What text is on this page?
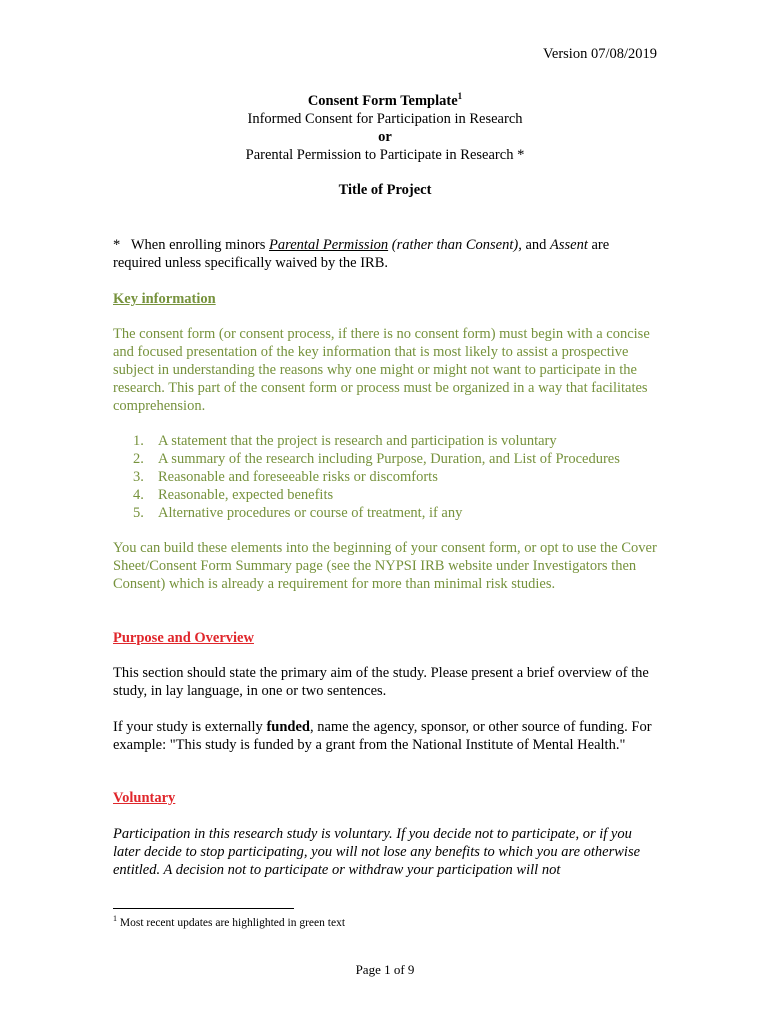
Version 07/08/2019
Consent Form Template$^1$
Informed Consent for Participation in Research
or
Parental Permission to Participate in Research *
Title of Project
* When enrolling minors Parental Permission (rather than Consent), and Assent are required unless specifically waived by the IRB.
Key information
The consent form (or consent process, if there is no consent form) must begin with a concise and focused presentation of the key information that is most likely to assist a prospective subject in understanding the reasons why one might or might not want to participate in the research. This part of the consent form or process must be organized in a way that facilitates comprehension.
1. A statement that the project is research and participation is voluntary
2. A summary of the research including Purpose, Duration, and List of Procedures
3. Reasonable and foreseeable risks or discomforts
4. Reasonable, expected benefits
5. Alternative procedures or course of treatment, if any
You can build these elements into the beginning of your consent form, or opt to use the Cover Sheet/Consent Form Summary page (see the NYPSI IRB website under Investigators then Consent) which is already a requirement for more than minimal risk studies.
Purpose and Overview
This section should state the primary aim of the study. Please present a brief overview of the study, in lay language, in one or two sentences.
If your study is externally funded, name the agency, sponsor, or other source of funding. For example: "This study is funded by a grant from the National Institute of Mental Health."
Voluntary
Participation in this research study is voluntary. If you decide not to participate, or if you later decide to stop participating, you will not lose any benefits to which you are otherwise entitled. A decision not to participate or withdraw your participation will not
$^1$ Most recent updates are highlighted in green text
Page 1 of 9
